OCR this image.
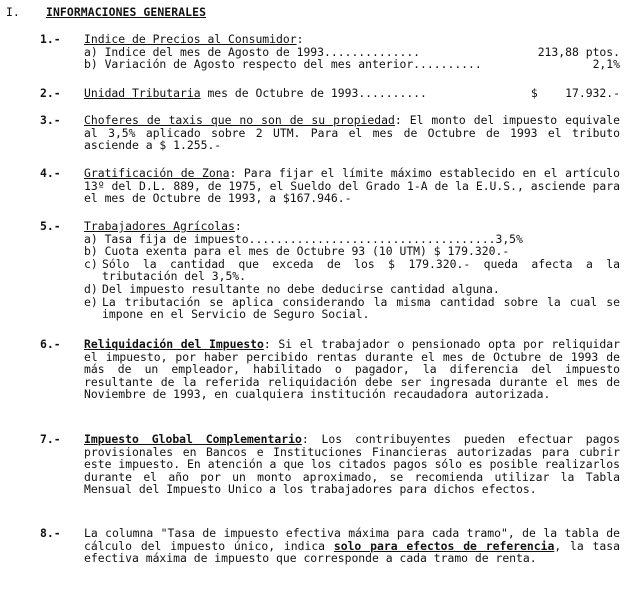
I. INFORMACIONES GENERALES
1.- Indice de Precios al Consumidor:
a) Indice del mes de Agosto de 1993..............	213,88 ptos.
b) Variación de Agosto respecto del mes anterior..........	2,1%
2.- Unidad Tributaria mes de Octubre de 1993..........	$ 17.932.-
3.- Choferes de taxis que no son de su propiedad: El monto del impuesto equivale al 3,5% aplicado sobre 2 UTM. Para el mes de Octubre de 1993 el tributo asciende a $ 1.255.-
4.- Gratificación de Zona: Para fijar el límite máximo establecido en el artículo 13º del D.L. 889, de 1975, el Sueldo del Grado 1-A de la E.U.S., asciende para el mes de Octubre de 1993, a $167.946.-
5.- Trabajadores Agrícolas:
a) Tasa fija de impuesto....................................3,5%
b) Cuota exenta para el mes de Octubre 93 (10 UTM) $ 179.320.-
c) Sólo la cantidad que exceda de los $ 179.320.- queda afecta a la tributación del 3,5%.
d) Del impuesto resultante no debe deducirse cantidad alguna.
e) La tributación se aplica considerando la misma cantidad sobre la cual se impone en el Servicio de Seguro Social.
6.- Reliquidación del Impuesto: Si el trabajador o pensionado opta por reliquidar el impuesto, por haber percibido rentas durante el mes de Octubre de 1993 de más de un empleador, habilitado o pagador, la diferencia del impuesto resultante de la referida reliquidación debe ser ingresada durante el mes de Noviembre de 1993, en cualquiera institución recaudadora autorizada.
7.- Impuesto Global Complementario: Los contribuyentes pueden efectuar pagos provisionales en Bancos e Instituciones Financieras autorizadas para cubrir este impuesto. En atención a que los citados pagos sólo es posible realizarlos durante el año por un monto aproximado, se recomienda utilizar la Tabla Mensual del Impuesto Unico a los trabajadores para dichos efectos.
8.- La columna "Tasa de impuesto efectiva máxima para cada tramo", de la tabla de cálculo del impuesto único, indica solo para efectos de referencia, la tasa efectiva máxima de impuesto que corresponde a cada tramo de renta.
